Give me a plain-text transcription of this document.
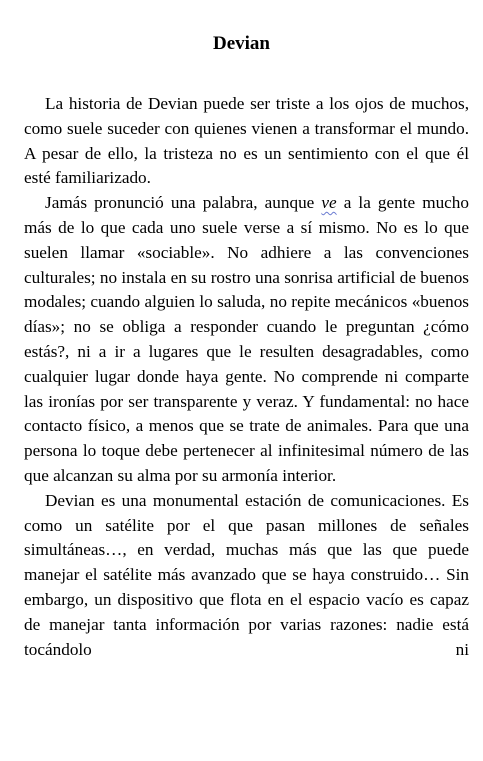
Devian

La historia de Devian puede ser triste a los ojos de muchos, como suele suceder con quienes vienen a transformar el mundo. A pesar de ello, la tristeza no es un sentimiento con el que él esté familiarizado.

Jamás pronunció una palabra, aunque ve a la gente mucho más de lo que cada uno suele verse a sí mismo. No es lo que suelen llamar «sociable». No adhiere a las convenciones culturales; no instala en su rostro una sonrisa artificial de buenos modales; cuando alguien lo saluda, no repite mecánicos «buenos días»; no se obliga a responder cuando le preguntan ¿cómo estás?, ni a ir a lugares que le resulten desagradables, como cualquier lugar donde haya gente. No comprende ni comparte las ironías por ser transparente y veraz. Y fundamental: no hace contacto físico, a menos que se trate de animales. Para que una persona lo toque debe pertenecer al infinitesimal número de las que alcanzan su alma por su armonía interior.

Devian es una monumental estación de comunicaciones. Es como un satélite por el que pasan millones de señales simultáneas…, en verdad, muchas más que las que puede manejar el satélite más avanzado que se haya construido… Sin embargo, un dispositivo que flota en el espacio vacío es capaz de manejar tanta información por varias razones: nadie está tocándolo ni
